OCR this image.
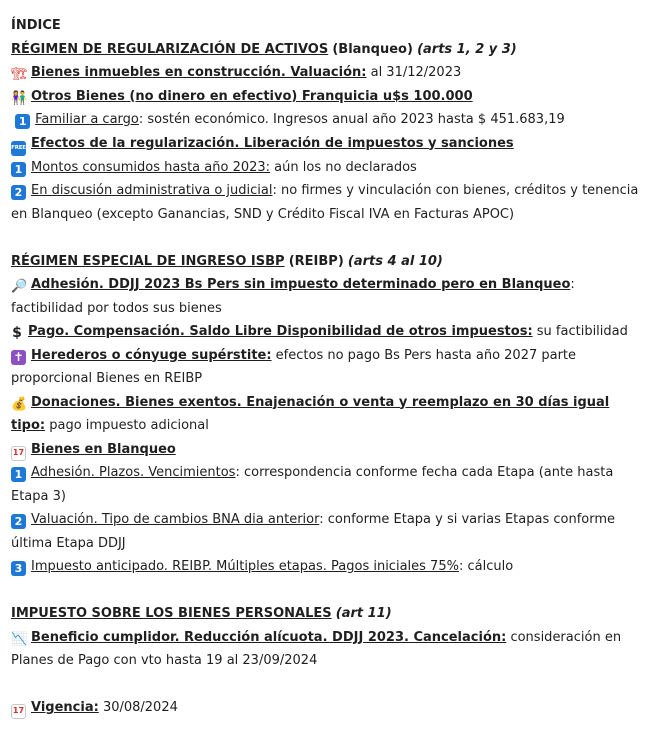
ÍNDICE
RÉGIMEN DE REGULARIZACIÓN DE ACTIVOS (Blanqueo) (arts 1, 2 y 3)
🏗 Bienes inmuebles en construcción. Valuación: al 31/12/2023
👫 Otros Bienes (no dinero en efectivo) Franquicia u$s 100.000
1 Familiar a cargo: sostén económico. Ingresos anual año 2023 hasta $ 451.683,19
FREE Efectos de la regularización. Liberación de impuestos y sanciones
1 Montos consumidos hasta año 2023: aún los no declarados
2 En discusión administrativa o judicial: no firmes y vinculación con bienes, créditos y tenencia en Blanqueo (excepto Ganancias, SND y Crédito Fiscal IVA en Facturas APOC)
RÉGIMEN ESPECIAL DE INGRESO ISBP (REIBP) (arts 4 al 10)
🔎 Adhesión. DDJJ 2023 Bs Pers sin impuesto determinado pero en Blanqueo: factibilidad por todos sus bienes
$ Pago. Compensación. Saldo Libre Disponibilidad de otros impuestos: su factibilidad
✝ Herederos o cónyuge supérstite: efectos no pago Bs Pers hasta año 2027 parte proporcional Bienes en REIBP
💰 Donaciones. Bienes exentos. Enajenación o venta y reemplazo en 30 días igual tipo: pago impuesto adicional
17 Bienes en Blanqueo
1 Adhesión. Plazos. Vencimientos: correspondencia conforme fecha cada Etapa (ante hasta Etapa 3)
2 Valuación. Tipo de cambios BNA dia anterior: conforme Etapa y si varias Etapas conforme última Etapa DDJJ
3 Impuesto anticipado. REIBP. Múltiples etapas. Pagos iniciales 75%: cálculo
IMPUESTO SOBRE LOS BIENES PERSONALES (art 11)
📉 Beneficio cumplidor. Reducción alícuota. DDJJ 2023. Cancelación: consideración en Planes de Pago con vto hasta 19 al 23/09/2024
17 Vigencia: 30/08/2024
